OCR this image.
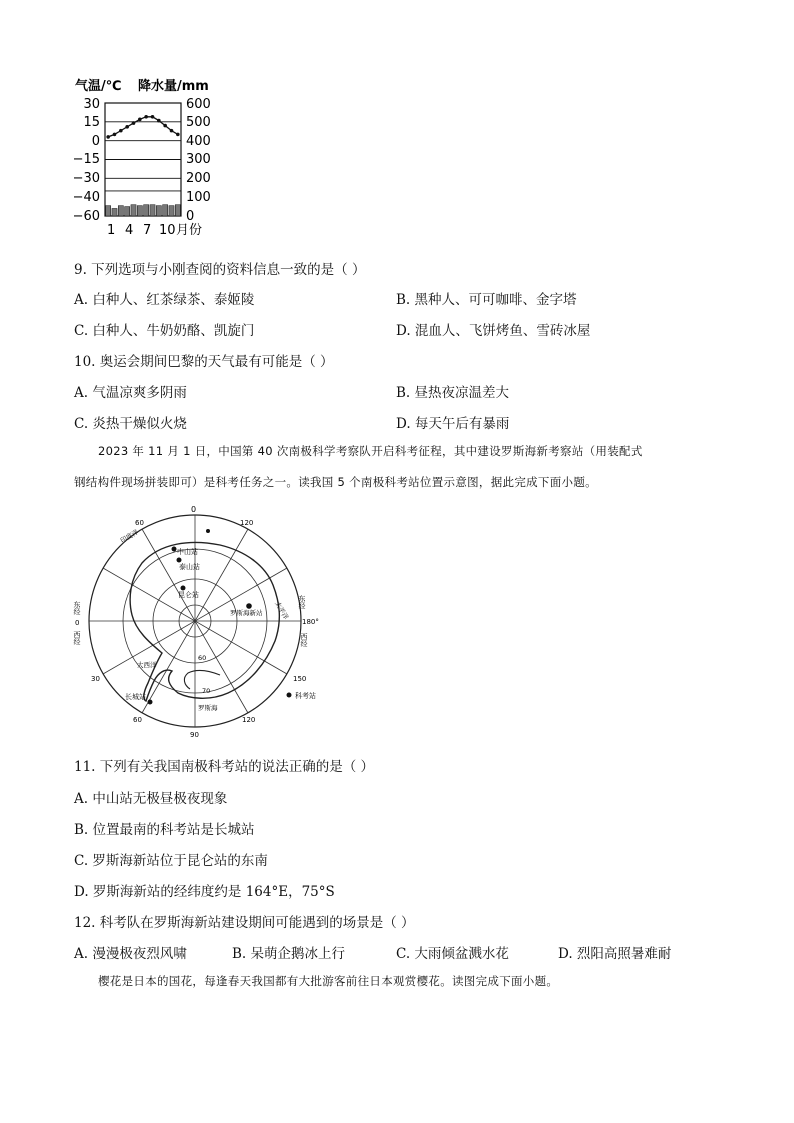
气温/℃ 降水量/mm
30
15
0
−15
−30
−40
−60
600
500
400
300
200
100
0
1 4 7 10 月份
9. 下列选项与小刚查阅的资料信息一致的是（ ）
A. 白种人、红茶绿茶、泰姬陵	B. 黑种人、可可咖啡、金字塔
C. 白种人、牛奶奶酪、凯旋门	D. 混血人、飞饼烤鱼、雪砖冰屋
10. 奥运会期间巴黎的天气最有可能是（ ）
A. 气温凉爽多阴雨	B. 昼热夜凉温差大
C. 炎热干燥似火烧	D. 每天午后有暴雨
2023 年 11 月 1 日，中国第 40 次南极科学考察队开启科考征程，其中建设罗斯海新考察站（用装配式
钢结构件现场拼装即可）是科考任务之一。读我国 5 个南极科考站位置示意图，据此完成下面小题。
0
120
60
印度洋
中山站
泰山站
昆仑站
罗斯海新站 太平洋 东经
180°
西经
东经
0
西经
大西洋
60
70
30	150
长城站
罗斯海
60	120
90
科考站
11. 下列有关我国南极科考站的说法正确的是（ ）
A. 中山站无极昼极夜现象
B. 位置最南的科考站是长城站
C. 罗斯海新站位于昆仑站的东南
D. 罗斯海新站的经纬度约是 164°E，75°S
12. 科考队在罗斯海新站建设期间可能遇到的场景是（ ）
A. 漫漫极夜烈风啸	B. 呆萌企鹅冰上行	C. 大雨倾盆溅水花	D. 烈阳高照暑难耐
樱花是日本的国花，每逢春天我国都有大批游客前往日本观赏樱花。读图完成下面小题。
